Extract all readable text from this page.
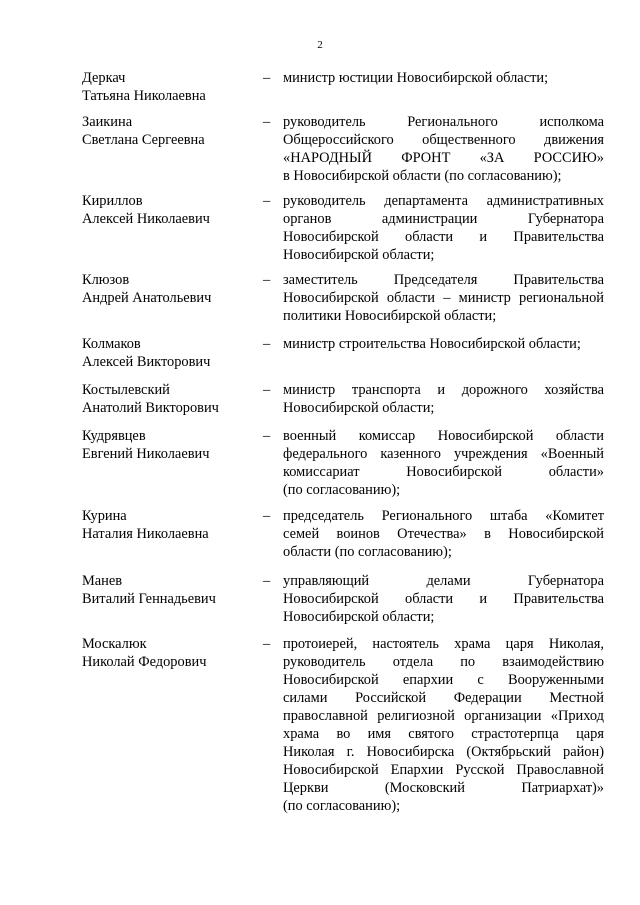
2
Деркач
Татьяна Николаевна
– министр юстиции Новосибирской области;
Заикина
Светлана Сергеевна
– руководитель Регионального исполкома
Общероссийского общественного движения
«НАРОДНЫЙ ФРОНТ «ЗА РОССИЮ»
в Новосибирской области (по согласованию);
Кириллов
Алексей Николаевич
– руководитель департамента административных
органов администрации Губернатора
Новосибирской области и Правительства
Новосибирской области;
Клюзов
Андрей Анатольевич
– заместитель Председателя Правительства
Новосибирской области – министр региональной
политики Новосибирской области;
Колмаков
Алексей Викторович
– министр строительства Новосибирской области;
Костылевский
Анатолий Викторович
– министр транспорта и дорожного хозяйства
Новосибирской области;
Кудрявцев
Евгений Николаевич
– военный комиссар Новосибирской области
федерального казенного учреждения «Военный
комиссариат Новосибирской области»
(по согласованию);
Курина
Наталия Николаевна
– председатель Регионального штаба «Комитет
семей воинов Отечества» в Новосибирской
области (по согласованию);
Манев
Виталий Геннадьевич
– управляющий делами Губернатора
Новосибирской области и Правительства
Новосибирской области;
Москалюк
Николай Федорович
– протоиерей, настоятель храма царя Николая,
руководитель отдела по взаимодействию
Новосибирской епархии с Вооруженными
силами Российской Федерации Местной
православной религиозной организации «Приход
храма во имя святого страстотерпца царя
Николая г. Новосибирска (Октябрьский район)
Новосибирской Епархии Русской Православной
Церкви (Московский Патриархат)»
(по согласованию);
